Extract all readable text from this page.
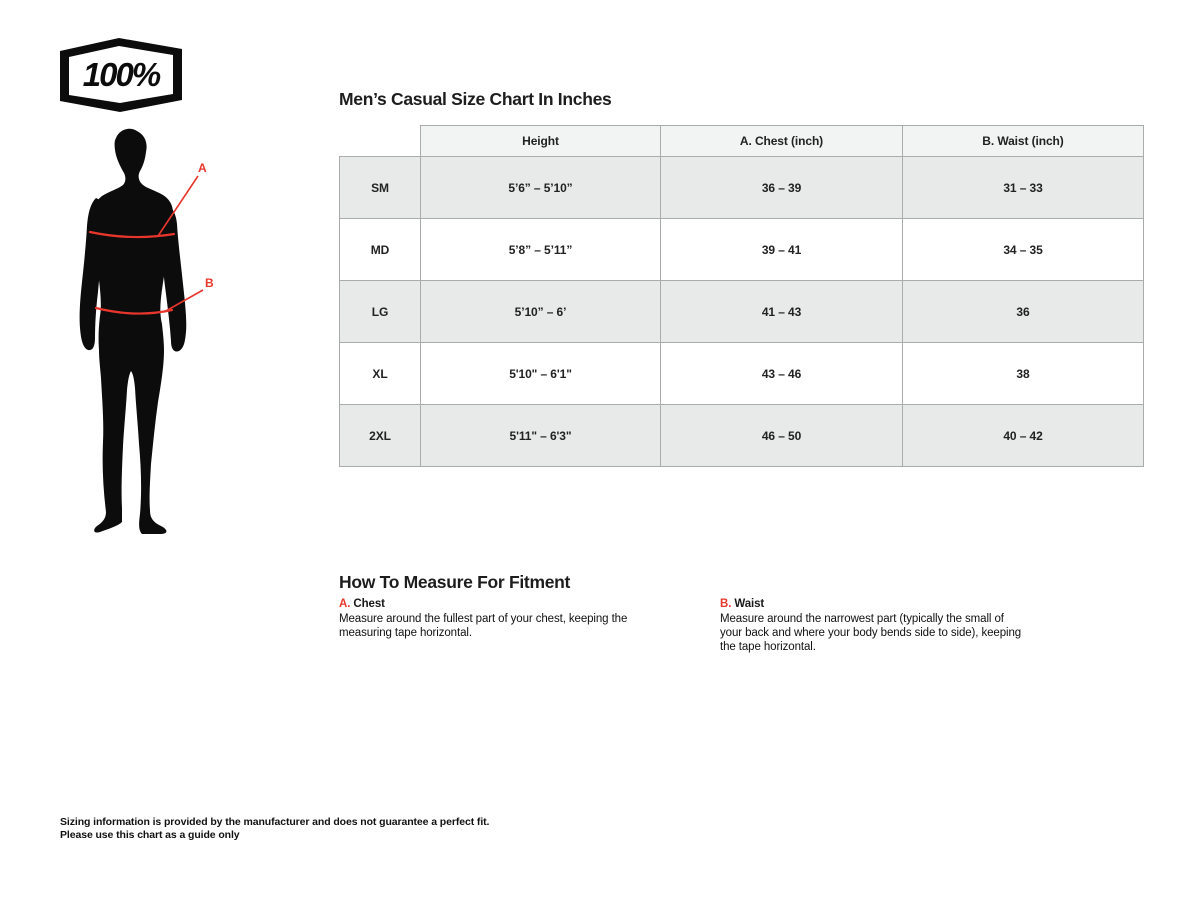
100%
A
B
Men’s Casual Size Chart In Inches
	Height	A. Chest (inch)	B. Waist (inch)
SM	5’6” – 5’10”	36 – 39	31 – 33
MD	5’8” – 5’11”	39 – 41	34 – 35
LG	5’10” – 6’	41 – 43	36
XL	5'10" – 6'1"	43 – 46	38
2XL	5'11" – 6'3"	46 – 50	40 – 42
How To Measure For Fitment
A. Chest

Measure around the fullest part of your chest, keeping the measuring tape horizontal.

B. Waist

Measure around the narrowest part (typically the small of your back and where your body bends side to side), keeping the tape horizontal.

Sizing information is provided by the manufacturer and does not guarantee a perfect fit.

Please use this chart as a guide only
